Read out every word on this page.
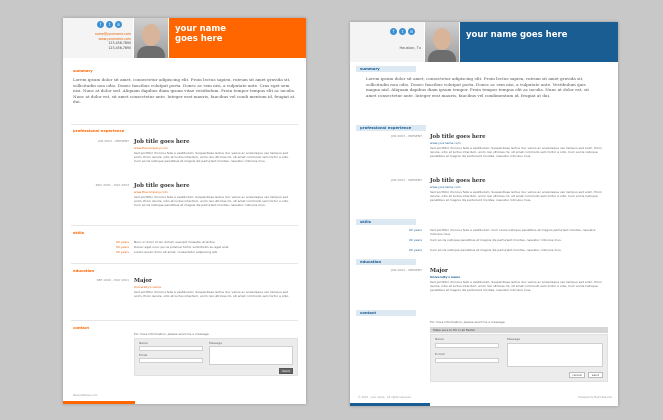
f	t	in
name@yourname.com
www.yourname.com
123-456-7890
123-456-7890
your name goes here
summary
Lorem ipsum dolor sit amet, consectetur adipiscing elit. Proin lectus sapien, rutrum sit amet gravida sit, sollicitudin non odio. Donec faucibus volutpat porta. Donec ac sem nisi, a vulputate ante. Cras eget sem nisi. Nunc at dolor sed. Aliquam dapibus diam ipsum vitae vestibulum. Proin tempor tempus elit ac iaculis. Nunc at dolor est, sit amet consectetur ante. Integer erat mauris, faucibus vel condi mentum id, feugiat at dui.
professional experience
JUN 2003 – PRESENT Job title goes here
www.thecompany.com
Sed porttitor rhoncus felis a vestibulum. Suspendisse lectus dui, varius ac scelerisque vel, tempus sed enim. Proin iaculis, odio et luctus interdum, enim nisi ultricies mi, sit amet commodo sem tortor a odio. Cum sociis natoque penatibus et magnis dis parturient montes, nascetur ridiculus mus.
NOV 2001 – MAY 2003 Job title goes here
www.thecompany.com
Sed porttitor rhoncus felis a vestibulum. Suspendisse lectus dui, varius ac scelerisque vel, tempus sed enim. Proin iaculis, odio et luctus interdum, enim nisi ultricies mi, sit amet commodo sem tortor a odio. Cum sociis natoque penatibus et magnis dis parturient montes, nascetur ridiculus mus.
skills
00 years Nunc in dolor id leo dictum suscipit molestie ut lectus.
00 years Donec eget nunc purus pulvinar tortor sollicitudin eu eget erat.
00 years Lorem ipsum dolor sit amet, consectetur adipiscing elit.
education
SEP 1999 – MAY 2001 Major
University's name
Sed porttitor rhoncus felis a vestibulum. Suspendisse lectus dui, varius ac scelerisque vel, tempus sed enim. Proin iaculis, odio et luctus interdum, enim nisi ultricies mi, sit amet commodo sem tortor a odio.
contact
For more information, please send me a message.
Name
Email
Message
Send
ResumeName.com
f	t	in
Houston, Tx
your name goes here
summary
Lorem ipsum dolor sit amet, consectetur adipiscing elit. Proin lectus sapien, rutrum sit amet gravida sit, sollicitudin non odio. Donec faucibus volutpat porta. Donec ac sem nisi, a vulputate ante. Vestibulum quis magna nisl. Aliquam dapibus diam ipsum tempor. Proin tempor tempus elit ac iaculis. Nunc at dolor est, sit amet consectetur ante. Integer erat mauris, faucibus vel condimentum id, feugiat at dui.
professional experience
JUN 2003 – PRESENT Job title goes here
www.yourname.com
Sed porttitor rhoncus felis a vestibulum. Suspendisse lectus dui, varius ac scelerisque vel, tempus sed enim. Proin iaculis, odio et luctus interdum, enim nisi ultricies mi, sit amet commodo sem tortor a odio. Cum sociis natoque penatibus et magnis dis parturient montes, nascetur ridiculus mus.
JUN 2003 – PRESENT Job title goes here
www.yourname.com
Sed porttitor rhoncus felis a vestibulum. Suspendisse lectus dui, varius ac scelerisque vel, tempus sed enim. Proin iaculis, odio et luctus interdum, enim nisi ultricies mi, sit amet commodo sem tortor a odio. Cum sociis natoque penatibus et magnis dis parturient montes, nascetur ridiculus mus.
skills
00 years	Sed porttitor rhoncus felis a vestibulum. Cum sociis natoque penatibus et magnis parturient montes, nascetur ridiculus mus.
00 years	Cum sociis natoque penatibus et magnis dis parturient montes, nascetur ridiculus mus.
00 years	Cum sociis natoque penatibus et magnis dis parturient montes, nascetur ridiculus mus.
education
JUN 2003 – PRESENT Major
University's name
Sed porttitor rhoncus felis a vestibulum. Suspendisse lectus dui, varius ac scelerisque vel, tempus sed enim. Proin iaculis, odio et luctus interdum, enim nisi ultricies mi, sit amet commodo sem tortor a odio. Cum sociis natoque penatibus et magnis dis parturient montes, nascetur ridiculus mus.
contact
For more information, please send me a message.
Make sure to fill in all fields!
Name
E-mail
Message
cancel	send
© 2012 · your name · All rights reserved	Powered by Build Resume
